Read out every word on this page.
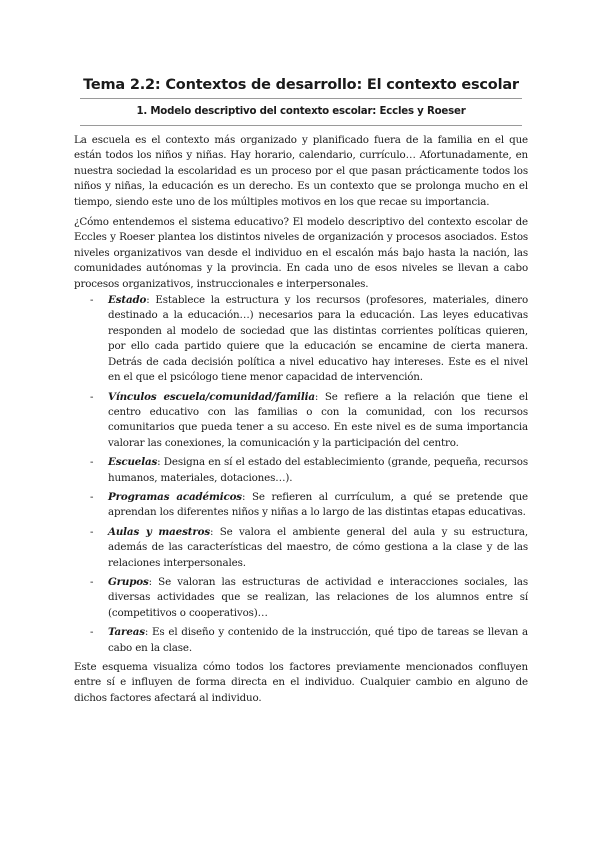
Tema 2.2: Contextos de desarrollo: El contexto escolar
1. Modelo descriptivo del contexto escolar: Eccles y Roeser

La escuela es el contexto más organizado y planificado fuera de la familia en el que están todos los niños y niñas. Hay horario, calendario, currículo… Afortunadamente, en nuestra sociedad la escolaridad es un proceso por el que pasan prácticamente todos los niños y niñas, la educación es un derecho. Es un contexto que se prolonga mucho en el tiempo, siendo este uno de los múltiples motivos en los que recae su importancia.

¿Cómo entendemos el sistema educativo? El modelo descriptivo del contexto escolar de Eccles y Roeser plantea los distintos niveles de organización y procesos asociados. Estos niveles organizativos van desde el individuo en el escalón más bajo hasta la nación, las comunidades autónomas y la provincia. En cada uno de esos niveles se llevan a cabo procesos organizativos, instruccionales e interpersonales.

- Estado: Establece la estructura y los recursos (profesores, materiales, dinero destinado a la educación…) necesarios para la educación. Las leyes educativas responden al modelo de sociedad que las distintas corrientes políticas quieren, por ello cada partido quiere que la educación se encamine de cierta manera. Detrás de cada decisión política a nivel educativo hay intereses. Este es el nivel en el que el psicólogo tiene menor capacidad de intervención.
- Vínculos escuela/comunidad/familia: Se refiere a la relación que tiene el centro educativo con las familias o con la comunidad, con los recursos comunitarios que pueda tener a su acceso. En este nivel es de suma importancia valorar las conexiones, la comunicación y la participación del centro.
- Escuelas: Designa en sí el estado del establecimiento (grande, pequeña, recursos humanos, materiales, dotaciones…).
- Programas académicos: Se refieren al currículum, a qué se pretende que aprendan los diferentes niños y niñas a lo largo de las distintas etapas educativas.
- Aulas y maestros: Se valora el ambiente general del aula y su estructura, además de las características del maestro, de cómo gestiona a la clase y de las relaciones interpersonales.
- Grupos: Se valoran las estructuras de actividad e interacciones sociales, las diversas actividades que se realizan, las relaciones de los alumnos entre sí (competitivos o cooperativos)…
- Tareas: Es el diseño y contenido de la instrucción, qué tipo de tareas se llevan a cabo en la clase.

Este esquema visualiza cómo todos los factores previamente mencionados confluyen entre sí e influyen de forma directa en el individuo. Cualquier cambio en alguno de dichos factores afectará al individuo.
